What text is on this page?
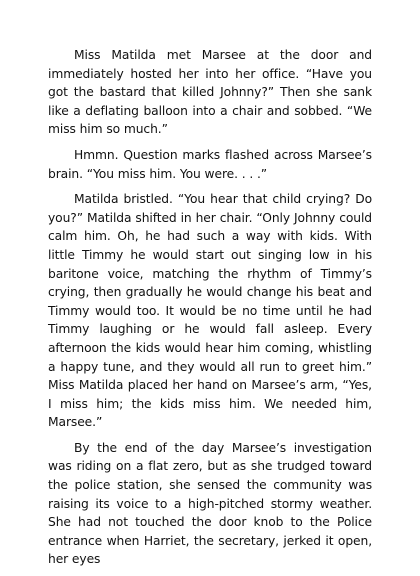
Miss Matilda met Marsee at the door and immediately hosted her into her office. “Have you got the bastard that killed Johnny?” Then she sank like a deflating balloon into a chair and sobbed. “We miss him so much.”

Hmmn. Question marks flashed across Marsee’s brain. “You miss him. You were. . . .”

Matilda bristled. “You hear that child crying? Do you?” Matilda shifted in her chair. “Only Johnny could calm him. Oh, he had such a way with kids. With little Timmy he would start out singing low in his baritone voice, matching the rhythm of Timmy’s crying, then gradually he would change his beat and Timmy would too. It would be no time until he had Timmy laughing or he would fall asleep. Every afternoon the kids would hear him coming, whistling a happy tune, and they would all run to greet him.” Miss Matilda placed her hand on Marsee’s arm, “Yes, I miss him; the kids miss him. We needed him, Marsee.”

By the end of the day Marsee’s investigation was riding on a flat zero, but as she trudged toward the police station, she sensed the community was raising its voice to a high-pitched stormy weather. She had not touched the door knob to the Police entrance when Harriet, the secretary, jerked it open, her eyes
